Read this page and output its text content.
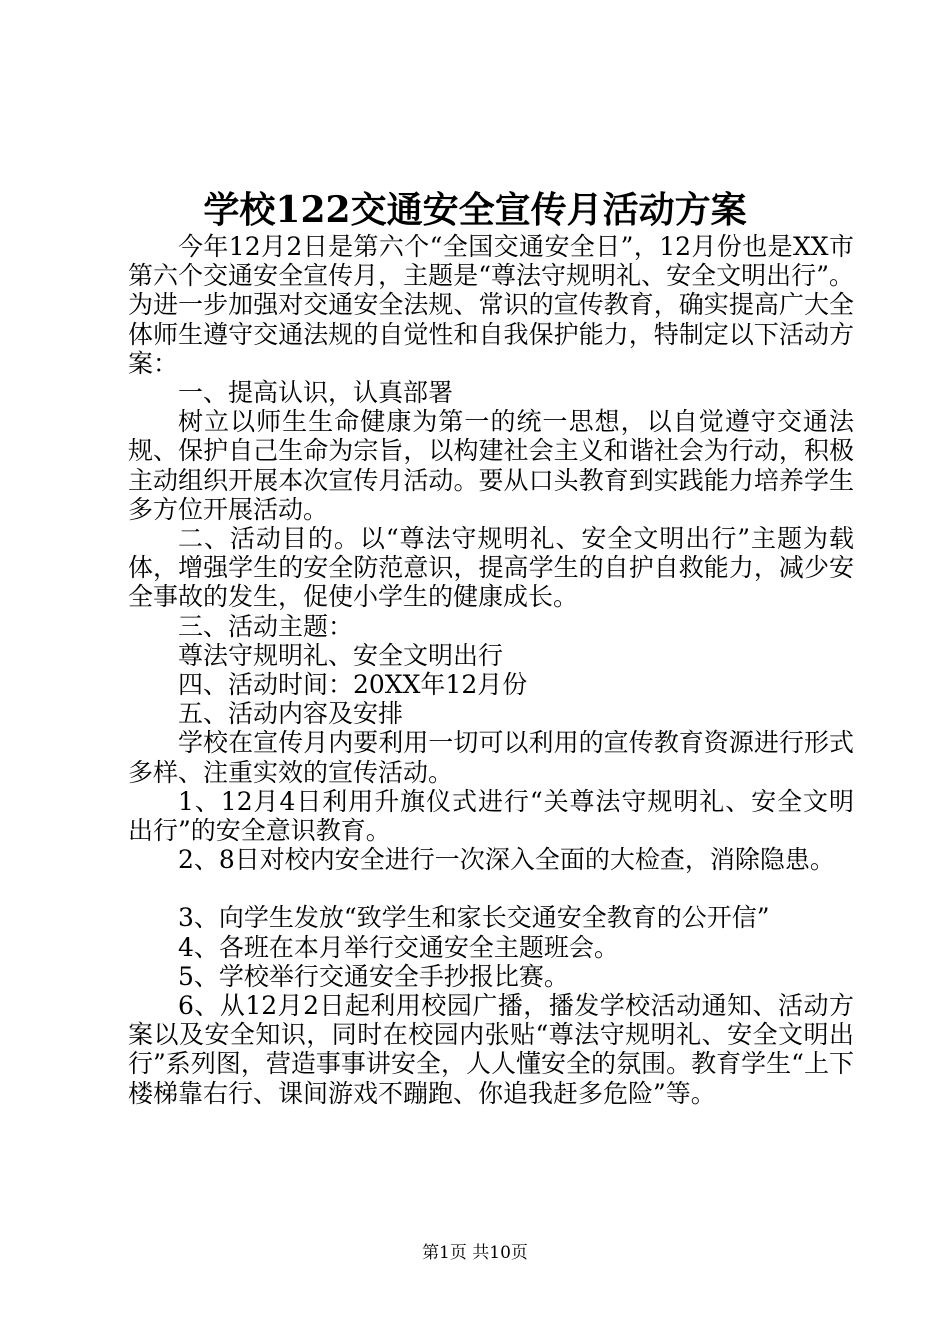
学校122交通安全宣传月活动方案

今年12月2日是第六个“全国交通安全日”，12月份也是XX市第六个交通安全宣传月，主题是“尊法守规明礼、安全文明出行”。为进一步加强对交通安全法规、常识的宣传教育，确实提高广大全体师生遵守交通法规的自觉性和自我保护能力，特制定以下活动方案：

一、提高认识，认真部署

树立以师生生命健康为第一的统一思想，以自觉遵守交通法规、保护自己生命为宗旨，以构建社会主义和谐社会为行动，积极主动组织开展本次宣传月活动。要从口头教育到实践能力培养学生多方位开展活动。

二、活动目的。以“尊法守规明礼、安全文明出行”主题为载体，增强学生的安全防范意识，提高学生的自护自救能力，减少安全事故的发生，促使小学生的健康成长。

三、活动主题：

尊法守规明礼、安全文明出行

四、活动时间：20XX年12月份

五、活动内容及安排

学校在宣传月内要利用一切可以利用的宣传教育资源进行形式多样、注重实效的宣传活动。

1、12月4日利用升旗仪式进行“关尊法守规明礼、安全文明出行”的安全意识教育。

2、8日对校内安全进行一次深入全面的大检查，消除隐患。

3、向学生发放“致学生和家长交通安全教育的公开信”

4、各班在本月举行交通安全主题班会。

5、学校举行交通安全手抄报比赛。

6、从12月2日起利用校园广播，播发学校活动通知、活动方案以及安全知识，同时在校园内张贴“尊法守规明礼、安全文明出行”系列图，营造事事讲安全，人人懂安全的氛围。教育学生“上下楼梯靠右行、课间游戏不蹦跑、你追我赶多危险”等。

第1页 共10页
